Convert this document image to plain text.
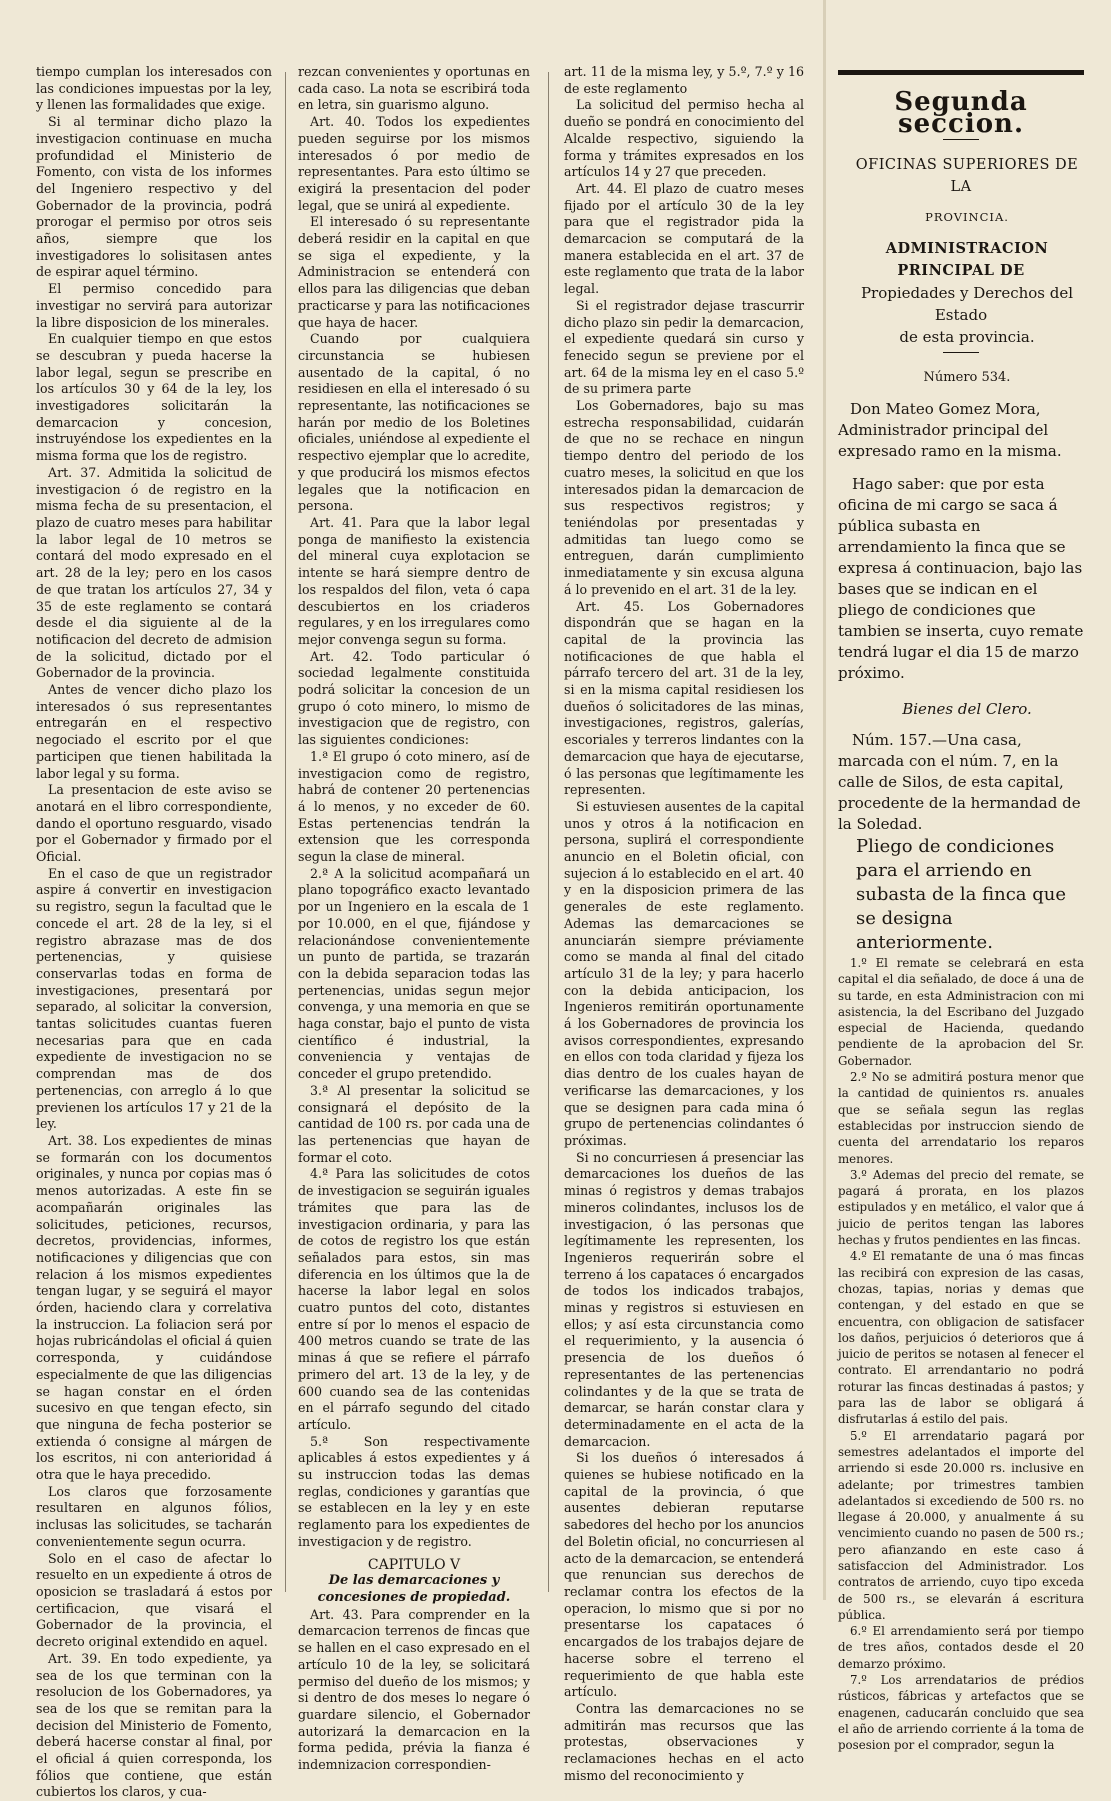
tiempo cumplan los interesados con las condiciones impuestas por la ley, y llenen las formalidades que exige.

Si al terminar dicho plazo la investigacion continuase en mucha profundidad el Ministerio de Fomento, con vista de los informes del Ingeniero respectivo y del Gobernador de la provincia, podrá prorogar el permiso por otros seis años, siempre que los investigadores lo solisitasen antes de espirar aquel término.

El permiso concedido para investigar no servirá para autorizar la libre disposicion de los minerales.

En cualquier tiempo en que estos se descubran y pueda hacerse la labor legal, segun se prescribe en los artículos 30 y 64 de la ley, los investigadores solicitarán la demarcacion y concesion, instruyéndose los expedientes en la misma forma que los de registro.

Art. 37. Admitida la solicitud de investigacion ó de registro en la misma fecha de su presentacion, el plazo de cuatro meses para habilitar la labor legal de 10 metros se contará del modo expresado en el art. 28 de la ley; pero en los casos de que tratan los artículos 27, 34 y 35 de este reglamento se contará desde el dia siguiente al de la notificacion del decreto de admision de la solicitud, dictado por el Gobernador de la provincia.

Antes de vencer dicho plazo los interesados ó sus representantes entregarán en el respectivo negociado el escrito por el que participen que tienen habilitada la labor legal y su forma.

La presentacion de este aviso se anotará en el libro correspondiente, dando el oportuno resguardo, visado por el Gobernador y firmado por el Oficial.

En el caso de que un registrador aspire á convertir en investigacion su registro, segun la facultad que le concede el art. 28 de la ley, si el registro abrazase mas de dos pertenencias, y quisiese conservarlas todas en forma de investigaciones, presentará por separado, al solicitar la conversion, tantas solicitudes cuantas fueren necesarias para que en cada expediente de investigacion no se comprendan mas de dos pertenencias, con arreglo á lo que previenen los artículos 17 y 21 de la ley.

Art. 38. Los expedientes de minas se formarán con los documentos originales, y nunca por copias mas ó menos autorizadas. A este fin se acompañarán originales las solicitudes, peticiones, recursos, decretos, providencias, informes, notificaciones y diligencias que con relacion á los mismos expedientes tengan lugar, y se seguirá el mayor órden, haciendo clara y correlativa la instruccion. La foliacion será por hojas rubricándolas el oficial á quien corresponda, y cuidándose especialmente de que las diligencias se hagan constar en el órden sucesivo en que tengan efecto, sin que ninguna de fecha posterior se extienda ó consigne al márgen de los escritos, ni con anterioridad á otra que le haya precedido.

Los claros que forzosamente resultaren en algunos fólios, inclusas las solicitudes, se tacharán convenientemente segun ocurra.

Solo en el caso de afectar lo resuelto en un expediente á otros de oposicion se trasladará á estos por certificacion, que visará el Gobernador de la provincia, el decreto original extendido en aquel.

Art. 39. En todo expediente, ya sea de los que terminan con la resolucion de los Gobernadores, ya sea de los que se remitan para la decision del Ministerio de Fomento, deberá hacerse constar al final, por el oficial á quien corresponda, los fólios que contiene, que están cubiertos los claros, y cua-

rezcan convenientes y oportunas en cada caso. La nota se escribirá toda en letra, sin guarismo alguno.

Art. 40. Todos los expedientes pueden seguirse por los mismos interesados ó por medio de representantes. Para esto último se exigirá la presentacion del poder legal, que se unirá al expediente.

El interesado ó su representante deberá residir en la capital en que se siga el expediente, y la Administracion se entenderá con ellos para las diligencias que deban practicarse y para las notificaciones que haya de hacer.

Cuando por cualquiera circunstancia se hubiesen ausentado de la capital, ó no residiesen en ella el interesado ó su representante, las notificaciones se harán por medio de los Boletines oficiales, uniéndose al expediente el respectivo ejemplar que lo acredite, y que producirá los mismos efectos legales que la notificacion en persona.

Art. 41. Para que la labor legal ponga de manifiesto la existencia del mineral cuya explotacion se intente se hará siempre dentro de los respaldos del filon, veta ó capa descubiertos en los criaderos regulares, y en los irregulares como mejor convenga segun su forma.

Art. 42. Todo particular ó sociedad legalmente constituida podrá solicitar la concesion de un grupo ó coto minero, lo mismo de investigacion que de registro, con las siguientes condiciones:

1.ª El grupo ó coto minero, así de investigacion como de registro, habrá de contener 20 pertenencias á lo menos, y no exceder de 60. Estas pertenencias tendrán la extension que les corresponda segun la clase de mineral.

2.ª A la solicitud acompañará un plano topográfico exacto levantado por un Ingeniero en la escala de 1 por 10.000, en el que, fijándose y relacionándose convenientemente un punto de partida, se trazarán con la debida separacion todas las pertenencias, unidas segun mejor convenga, y una memoria en que se haga constar, bajo el punto de vista científico é industrial, la conveniencia y ventajas de conceder el grupo pretendido.

3.ª Al presentar la solicitud se consignará el depósito de la cantidad de 100 rs. por cada una de las pertenencias que hayan de formar el coto.

4.ª Para las solicitudes de cotos de investigacion se seguirán iguales trámites que para las de investigacion ordinaria, y para las de cotos de registro los que están señalados para estos, sin mas diferencia en los últimos que la de hacerse la labor legal en solos cuatro puntos del coto, distantes entre sí por lo menos el espacio de 400 metros cuando se trate de las minas á que se refiere el párrafo primero del art. 13 de la ley, y de 600 cuando sea de las contenidas en el párrafo segundo del citado artículo.

5.ª Son respectivamente aplicables á estos expedientes y á su instruccion todas las demas reglas, condiciones y garantías que se establecen en la ley y en este reglamento para los expedientes de investigacion y de registro.

CAPITULO V
De las demarcaciones y concesiones de propiedad.

Art. 43. Para comprender en la demarcacion terrenos de fincas que se hallen en el caso expresado en el artículo 10 de la ley, se solicitará permiso del dueño de los mismos; y si dentro de dos meses lo negare ó guardare silencio, el Gobernador autorizará la demarcacion en la forma pedida, prévia la fianza é indemnizacion correspondien-

art. 11 de la misma ley, y 5.º, 7.º y 16 de este reglamento

La solicitud del permiso hecha al dueño se pondrá en conocimiento del Alcalde respectivo, siguiendo la forma y trámites expresados en los artículos 14 y 27 que preceden.

Art. 44. El plazo de cuatro meses fijado por el artículo 30 de la ley para que el registrador pida la demarcacion se computará de la manera establecida en el art. 37 de este reglamento que trata de la labor legal.

Si el registrador dejase trascurrir dicho plazo sin pedir la demarcacion, el expediente quedará sin curso y fenecido segun se previene por el art. 64 de la misma ley en el caso 5.º de su primera parte

Los Gobernadores, bajo su mas estrecha responsabilidad, cuidarán de que no se rechace en ningun tiempo dentro del periodo de los cuatro meses, la solicitud en que los interesados pidan la demarcacion de sus respectivos registros; y teniéndolas por presentadas y admitidas tan luego como se entreguen, darán cumplimiento inmediatamente y sin excusa alguna á lo prevenido en el art. 31 de la ley.

Art. 45. Los Gobernadores dispondrán que se hagan en la capital de la provincia las notificaciones de que habla el párrafo tercero del art. 31 de la ley, si en la misma capital residiesen los dueños ó solicitadores de las minas, investigaciones, registros, galerías, escoriales y terreros lindantes con la demarcacion que haya de ejecutarse, ó las personas que legítimamente les representen.

Si estuviesen ausentes de la capital unos y otros á la notificacion en persona, suplirá el correspondiente anuncio en el Boletin oficial, con sujecion á lo establecido en el art. 40 y en la disposicion primera de las generales de este reglamento. Ademas las demarcaciones se anunciarán siempre préviamente como se manda al final del citado artículo 31 de la ley; y para hacerlo con la debida anticipacion, los Ingenieros remitirán oportunamente á los Gobernadores de provincia los avisos correspondientes, expresando en ellos con toda claridad y fijeza los dias dentro de los cuales hayan de verificarse las demarcaciones, y los que se designen para cada mina ó grupo de pertenencias colindantes ó próximas.

Si no concurriesen á presenciar las demarcaciones los dueños de las minas ó registros y demas trabajos mineros colindantes, inclusos los de investigacion, ó las personas que legítimamente les representen, los Ingenieros requerirán sobre el terreno á los capataces ó encargados de todos los indicados trabajos, minas y registros si estuviesen en ellos; y así esta circunstancia como el requerimiento, y la ausencia ó presencia de los dueños ó representantes de las pertenencias colindantes y de la que se trata de demarcar, se harán constar clara y determinadamente en el acta de la demarcacion.

Si los dueños ó interesados á quienes se hubiese notificado en la capital de la provincia, ó que ausentes debieran reputarse sabedores del hecho por los anuncios del Boletin oficial, no concurriesen al acto de la demarcacion, se entenderá que renuncian sus derechos de reclamar contra los efectos de la operacion, lo mismo que si por no presentarse los capataces ó encargados de los trabajos dejare de hacerse sobre el terreno el requerimiento de que habla este artículo.

Contra las demarcaciones no se admitirán mas recursos que las protestas, observaciones y reclamaciones hechas en el acto mismo del reconocimiento y

Segunda seccion.

OFICINAS SUPERIORES DE LA

PROVINCIA.

ADMINISTRACION PRINCIPAL DE

Propiedades y Derechos del Estado

de esta provincia.

Número 534.

Don Mateo Gomez Mora, Administrador principal del expresado ramo en la misma.

Hago saber: que por esta oficina de mi cargo se saca á pública subasta en arrendamiento la finca que se expresa á continuacion, bajo las bases que se indican en el pliego de condiciones que tambien se inserta, cuyo remate tendrá lugar el dia 15 de marzo próximo.

Bienes del Clero.

Núm. 157.—Una casa, marcada con el núm. 7, en la calle de Silos, de esta capital, procedente de la hermandad de la Soledad.

Pliego de condiciones para el arriendo en subasta de la finca que se designa anteriormente.

1.º El remate se celebrará en esta capital el dia señalado, de doce á una de su tarde, en esta Administracion con mi asistencia, la del Escribano del Juzgado especial de Hacienda, quedando pendiente de la aprobacion del Sr. Gobernador.

2.º No se admitirá postura menor que la cantidad de quinientos rs. anuales que se señala segun las reglas establecidas por instruccion siendo de cuenta del arrendatario los reparos menores.

3.º Ademas del precio del remate, se pagará á prorata, en los plazos estipulados y en metálico, el valor que á juicio de peritos tengan las labores hechas y frutos pendientes en las fincas.

4.º El rematante de una ó mas fincas las recibirá con expresion de las casas, chozas, tapias, norias y demas que contengan, y del estado en que se encuentra, con obligacion de satisfacer los daños, perjuicios ó deterioros que á juicio de peritos se notasen al fenecer el contrato. El arrendantario no podrá roturar las fincas destinadas á pastos; y para las de labor se obligará á disfrutarlas á estilo del pais.

5.º El arrendatario pagará por semestres adelantados el importe del arriendo si esde 20.000 rs. inclusive en adelante; por trimestres tambien adelantados si excediendo de 500 rs. no llegase á 20.000, y anualmente á su vencimiento cuando no pasen de 500 rs.; pero afianzando en este caso á satisfaccion del Administrador. Los contratos de arriendo, cuyo tipo exceda de 500 rs., se elevarán á escritura pública.

6.º El arrendamiento será por tiempo de tres años, contados desde el 20 demarzo próximo.

7.º Los arrendatarios de prédios rústicos, fábricas y artefactos que se enagenen, caducarán concluido que sea el año de arriendo corriente á la toma de posesion por el comprador, segun la
